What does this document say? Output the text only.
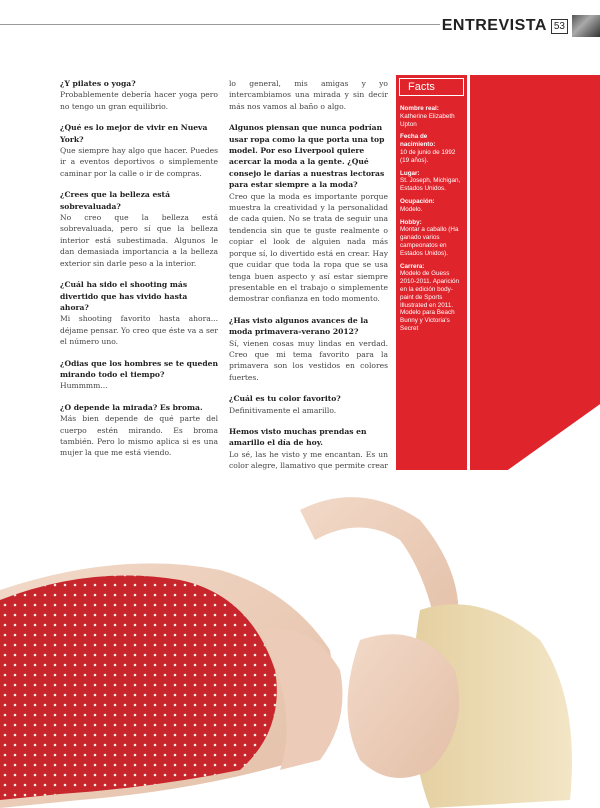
ENTREVISTA 53
¿Y pilates o yoga?
Probablemente debería hacer yoga pero no tengo un gran equilibrio.
¿Qué es lo mejor de vivir en Nueva York?
Que siempre hay algo que hacer. Puedes ir a eventos deportivos o simplemente caminar por la calle o ir de compras.
¿Crees que la belleza está sobrevaluada?
No creo que la belleza está sobrevaluada, pero sí que la belleza interior está subestimada. Algunos le dan demasiada importancia a la belleza exterior sin darle peso a la interior.
¿Cuál ha sido el shooting más divertido que has vivido hasta ahora?
Mi shooting favorito hasta ahora... déjame pensar. Yo creo que éste va a ser el número uno.
¿Odias que los hombres se te queden mirando todo el tiempo?
Hummmm...
¿O depende la mirada? Es broma.
Más bien depende de qué parte del cuerpo estén mirando. Es broma también. Pero lo mismo aplica si es una mujer la que me está viendo.
lo general, mis amigas y yo intercambiamos una mirada y sin decir más nos vamos al baño o algo.
Algunos piensan que nunca podrían usar ropa como la que porta una top model. Por eso Liverpool quiere acercar la moda a la gente. ¿Qué consejo le darías a nuestras lectoras para estar siempre a la moda?
Creo que la moda es importante porque muestra la creatividad y la personalidad de cada quien. No se trata de seguir una tendencia sin que te guste realmente o copiar el look de alguien nada más porque sí, lo divertido está en crear. Hay que cuidar que toda la ropa que se usa tenga buen aspecto y así estar siempre presentable en el trabajo o simplemente demostrar confianza en todo momento.
¿Has visto algunos avances de la moda primavera-verano 2012?
Sí, vienen cosas muy lindas en verdad. Creo que mi tema favorito para la primavera son los vestidos en colores fuertes.
¿Cuál es tu color favorito?
Definitivamente el amarillo.
Hemos visto muchas prendas en amarillo el día de hoy.
Lo sé, las he visto y me encantan. Es un color alegre, llamativo que permite crear
Facts
Nombre real:
Katherine Elizabeth Upton
Fecha de nacimiento:
10 de junio de 1992 (19 años).
Lugar:
St. Joseph, Michigan, Estados Unidos.
Ocupación:
Modelo.
Hobby:
Montar a caballo (Ha ganado varios campeonatos en Estados Unidos).
Carrera:
Modelo de Guess 2010-2011. Aparición en la edición body-paint de Sports Illustrated en 2011. Modelo para Beach Bunny y Victoria's Secret
